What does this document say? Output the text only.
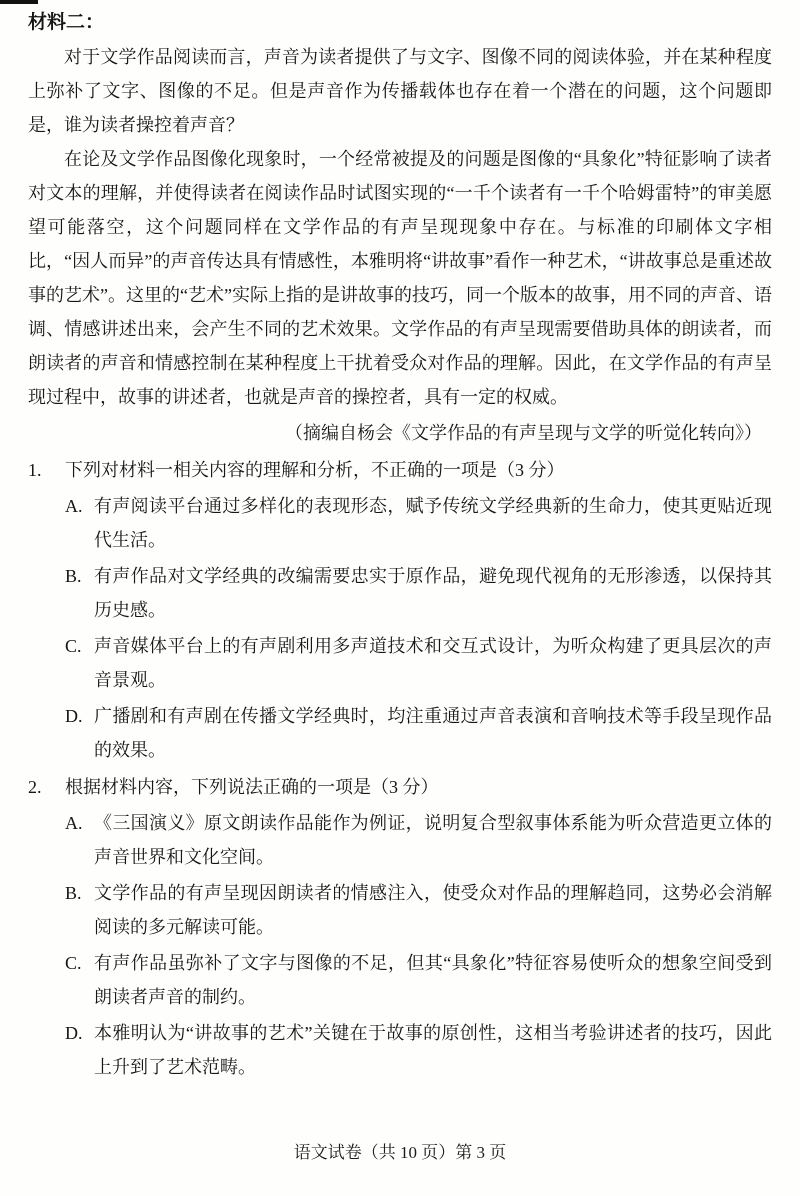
材料二：

对于文学作品阅读而言，声音为读者提供了与文字、图像不同的阅读体验，并在某种程度上弥补了文字、图像的不足。但是声音作为传播载体也存在着一个潜在的问题，这个问题即是，谁为读者操控着声音？

在论及文学作品图像化现象时，一个经常被提及的问题是图像的“具象化”特征影响了读者对文本的理解，并使得读者在阅读作品时试图实现的“一千个读者有一千个哈姆雷特”的审美愿望可能落空，这个问题同样在文学作品的有声呈现现象中存在。与标准的印刷体文字相比，“因人而异”的声音传达具有情感性，本雅明将“讲故事”看作一种艺术，“讲故事总是重述故事的艺术”。这里的“艺术”实际上指的是讲故事的技巧，同一个版本的故事，用不同的声音、语调、情感讲述出来，会产生不同的艺术效果。文学作品的有声呈现需要借助具体的朗读者，而朗读者的声音和情感控制在某种程度上干扰着受众对作品的理解。因此，在文学作品的有声呈现过程中，故事的讲述者，也就是声音的操控者，具有一定的权威。

（摘编自杨会《文学作品的有声呈现与文学的听觉化转向》）

1.	下列对材料一相关内容的理解和分析，不正确的一项是（3 分）
A. 有声阅读平台通过多样化的表现形态，赋予传统文学经典新的生命力，使其更贴近现代生活。
B. 有声作品对文学经典的改编需要忠实于原作品，避免现代视角的无形渗透，以保持其历史感。
C. 声音媒体平台上的有声剧利用多声道技术和交互式设计，为听众构建了更具层次的声音景观。
D. 广播剧和有声剧在传播文学经典时，均注重通过声音表演和音响技术等手段呈现作品的效果。
2.	根据材料内容，下列说法正确的一项是（3 分）
A. 《三国演义》原文朗读作品能作为例证，说明复合型叙事体系能为听众营造更立体的声音世界和文化空间。
B. 文学作品的有声呈现因朗读者的情感注入，使受众对作品的理解趋同，这势必会消解阅读的多元解读可能。
C. 有声作品虽弥补了文字与图像的不足，但其“具象化”特征容易使听众的想象空间受到朗读者声音的制约。
D. 本雅明认为“讲故事的艺术”关键在于故事的原创性，这相当考验讲述者的技巧，因此上升到了艺术范畴。
语文试卷（共 10 页）第 3 页
